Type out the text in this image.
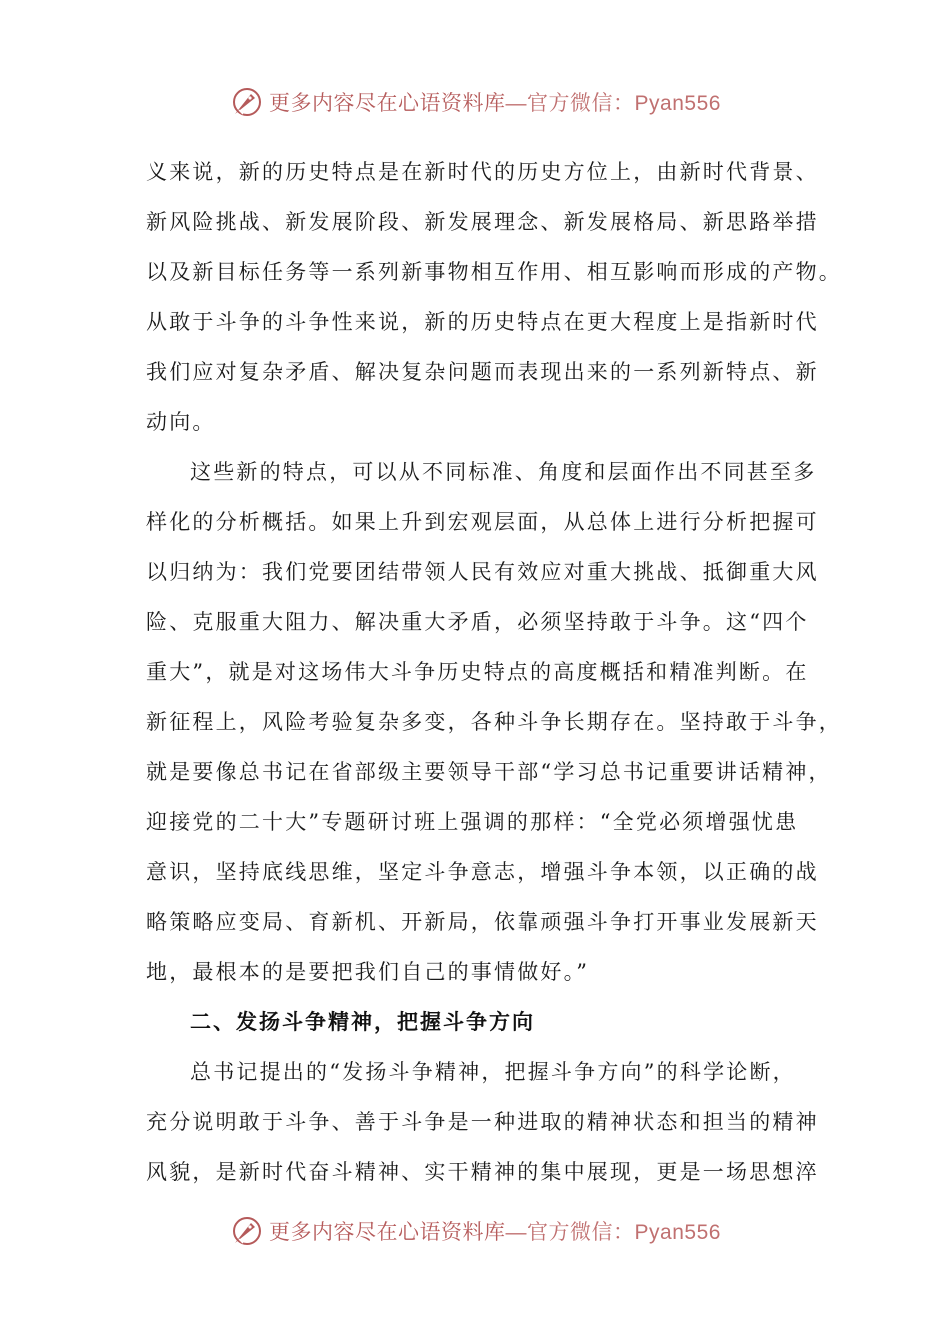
更多内容尽在心语资料库—官方微信：Pyan556

义来说，新的历史特点是在新时代的历史方位上，由新时代背景、
新风险挑战、新发展阶段、新发展理念、新发展格局、新思路举措
以及新目标任务等一系列新事物相互作用、相互影响而形成的产物。
从敢于斗争的斗争性来说，新的历史特点在更大程度上是指新时代
我们应对复杂矛盾、解决复杂问题而表现出来的一系列新特点、新
动向。

这些新的特点，可以从不同标准、角度和层面作出不同甚至多
样化的分析概括。如果上升到宏观层面，从总体上进行分析把握可
以归纳为：我们党要团结带领人民有效应对重大挑战、抵御重大风
险、克服重大阻力、解决重大矛盾，必须坚持敢于斗争。这“四个
重大”，就是对这场伟大斗争历史特点的高度概括和精准判断。在
新征程上，风险考验复杂多变，各种斗争长期存在。坚持敢于斗争，
就是要像总书记在省部级主要领导干部“学习总书记重要讲话精神，
迎接党的二十大”专题研讨班上强调的那样：“全党必须增强忧患
意识，坚持底线思维，坚定斗争意志，增强斗争本领，以正确的战
略策略应变局、育新机、开新局，依靠顽强斗争打开事业发展新天
地，最根本的是要把我们自己的事情做好。”

二、发扬斗争精神，把握斗争方向

总书记提出的“发扬斗争精神，把握斗争方向”的科学论断，
充分说明敢于斗争、善于斗争是一种进取的精神状态和担当的精神
风貌，是新时代奋斗精神、实干精神的集中展现，更是一场思想淬

更多内容尽在心语资料库—官方微信：Pyan556
